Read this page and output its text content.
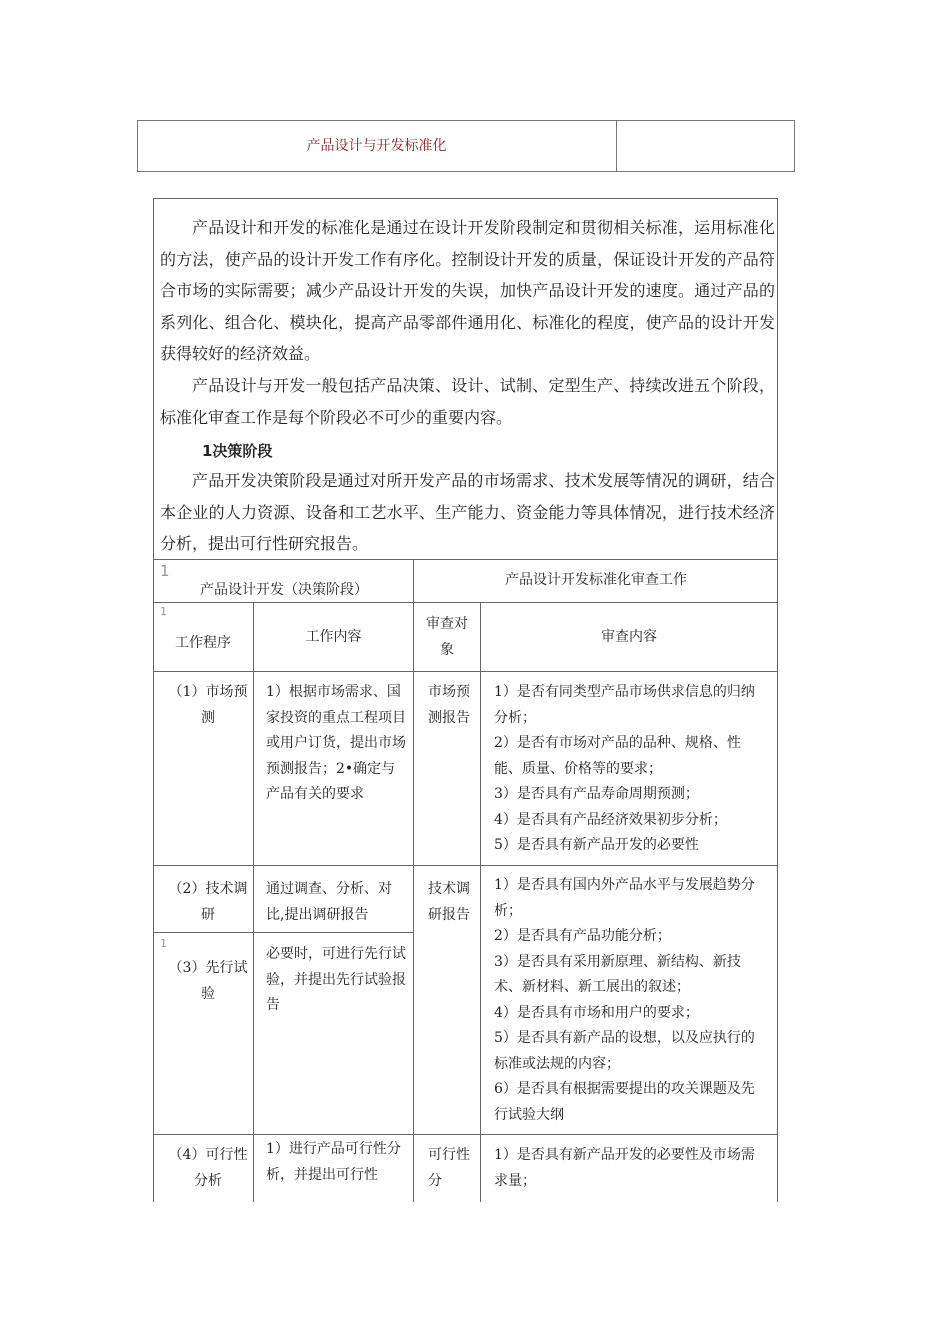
产品设计与开发标准化

产品设计和开发的标准化是通过在设计开发阶段制定和贯彻相关标准，运用标准化的方法，使产品的设计开发工作有序化。控制设计开发的质量，保证设计开发的产品符合市场的实际需要；减少产品设计开发的失误，加快产品设计开发的速度。通过产品的系列化、组合化、模块化，提高产品零部件通用化、标准化的程度，使产品的设计开发获得较好的经济效益。

产品设计与开发一般包括产品决策、设计、试制、定型生产、持续改进五个阶段，标准化审查工作是每个阶段必不可少的重要内容。

1决策阶段

产品开发决策阶段是通过对所开发产品的市场需求、技术发展等情况的调研，结合本企业的人力资源、设备和工艺水平、生产能力、资金能力等具体情况，进行技术经济分析，提出可行性研究报告。

1
产品设计开发（决策阶段）
产品设计开发标准化审查工作
1
工作程序	工作内容
审查对象
审查内容
（1）市场预测
1）根据市场需求、国家投资的重点工程项目或用户订货，提出市场预测报告；2•确定与产品有关的要求
市场预测报告
1）是否有同类型产品市场供求信息的归纳分析；
2）是否有市场对产品的品种、规格、性能、质量、价格等的要求；
3）是否具有产品寿命周期预测；
4）是否具有产品经济效果初步分析；
5）是否具有新产品开发的必要性
（2）技术调研
通过调查、分析、对比,提出调研报告
1
（3）先行试验
必要时，可进行先行试验，并提出先行试验报告
技术调研报告
1）是否具有国内外产品水平与发展趋势分析；
2）是否具有产品功能分析；
3）是否具有采用新原理、新结构、新技术、新材料、新工展出的叙述；
4）是否具有市场和用户的要求；
5）是否具有新产品的设想，以及应执行的标准或法规的内容；
6）是否具有根据需要提出的攻关课题及先行试验大纲
（4）可行性分析
1）进行产品可行性分析，并提出可行性
可行性分
1）是否具有新产品开发的必要性及市场需求量；
